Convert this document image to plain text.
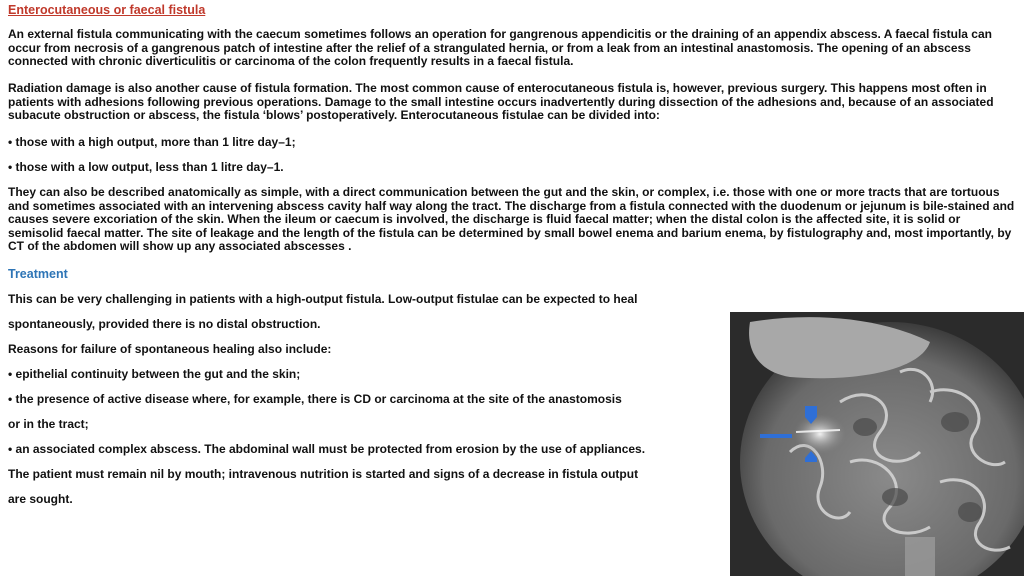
Enterocutaneous or faecal fistula

An external fistula communicating with the caecum sometimes follows an operation for gangrenous appendicitis or the draining of an appendix abscess. A faecal fistula can occur from necrosis of a gangrenous patch of intestine after the relief of a strangulated hernia, or from a leak from an intestinal anastomosis. The opening of an abscess connected with chronic diverticulitis or carcinoma of the colon frequently results in a faecal fistula.

Radiation damage is also another cause of fistula formation. The most common cause of enterocutaneous fistula is, however, previous surgery. This happens most often in patients with adhesions following previous operations. Damage to the small intestine occurs inadvertently during dissection of the adhesions and, because of an associated subacute obstruction or abscess, the fistula ‘blows’ postoperatively. Enterocutaneous fistulae can be divided into:

• those with a high output, more than 1 litre day–1;

• those with a low output, less than 1 litre day–1.

They can also be described anatomically as simple, with a direct communication between the gut and the skin, or complex, i.e. those with one or more tracts that are tortuous and sometimes associated with an intervening abscess cavity half way along the tract. The discharge from a fistula connected with the duodenum or jejunum is bile-stained and causes severe excoriation of the skin. When the ileum or caecum is involved, the discharge is fluid faecal matter; when the distal colon is the affected site, it is solid or semisolid faecal matter. The site of leakage and the length of the fistula can be determined by small bowel enema and barium enema, by fistulography and, most importantly, by CT of the abdomen will show up any associated abscesses .

Treatment

This can be very challenging in patients with a high-output fistula. Low-output fistulae can be expected to heal

spontaneously, provided there is no distal obstruction.

Reasons for failure of spontaneous healing also include:

• epithelial continuity between the gut and the skin;

• the presence of active disease where, for example, there is CD or carcinoma at the site of the anastomosis

or in the tract;

• an associated complex abscess. The abdominal wall must be protected from erosion by the use of appliances.

The patient must remain nil by mouth; intravenous nutrition is started and signs of a decrease in fistula output

are sought.
